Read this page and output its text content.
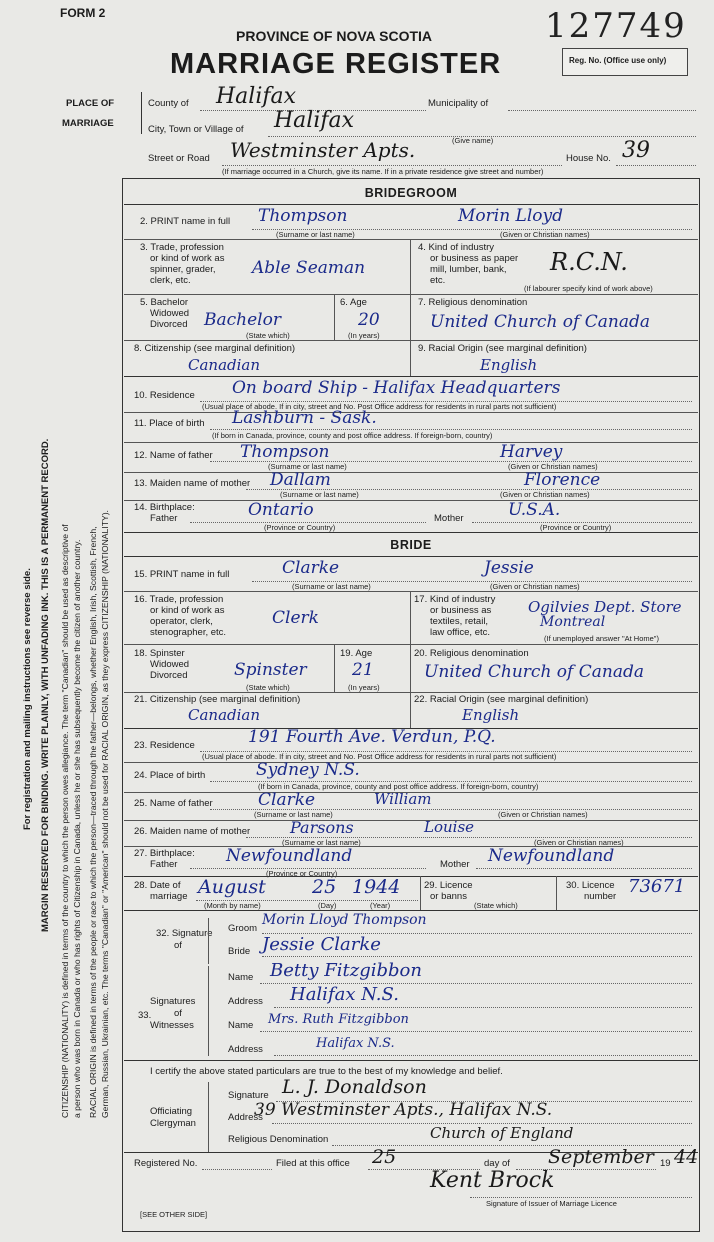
FORM 2
PROVINCE OF NOVA SCOTIA
MARRIAGE REGISTER	Reg. No. (Office use only)
127749
PLACE OF
MARRIAGE
County of Halifax	Municipality of
City, Town or Village of Halifax
(Give name)
Street or Road Westminster Apts.	House No. 39
(If marriage occurred in a Church, give its name. If in a private residence give street and number)
For registration and mailing instructions see reverse side. MARGIN RESERVED FOR BINDING. WRITE PLAINLY, WITH UNFADING INK. THIS IS A PERMANENT RECORD. CITIZENSHIP (NATIONALITY) is defined in terms of the country to which the person owes allegiance. The term "Canadian" should be used as descriptive of a person who was born in Canada or who has rights of Citizenship in Canada, unless he or she has subsequently become the citizen of another country. RACIAL ORIGIN is defined in terms of the people or race to which the person—traced through the father—belongs, whether English, Irish, Scottish, French, German, Russian, Ukrainian, etc. The terms "Canadian" or "American" should not be used for RACIAL ORIGIN, as they express CITIZENSHIP (NATIONALITY).
BRIDEGROOM
2. PRINT name in full Thompson	Morin Lloyd
(Surname or last name)	(Given or Christian names)
3. Trade, profession
or kind of work as
spinner, grader,
clerk, etc.
Able Seaman
4. Kind of industry
or business as paper
mill, lumber, bank,
etc.
R.C.N.
(If labourer specify kind of work above)
5. Bachelor
Widowed
Divorced Bachelor
(State which)
6. Age
20
(In years)
7. Religious denomination
United Church of Canada
8. Citizenship (see marginal definition)
Canadian
9. Racial Origin (see marginal definition)
English
10. Residence On board Ship - Halifax Headquarters
(Usual place of abode. If in city, street and No. Post Office address for residents in rural parts not sufficient)
11. Place of birth Lashburn - Sask.
(If born in Canada, province, county and post office address. If foreign-born, country)
12. Name of father Thompson	Harvey
(Surname or last name)	(Given or Christian names)
13. Maiden name of mother Dallam	Florence
(Surname or last name)	(Given or Christian names)
14. Birthplace:
Father	Ontario
(Province or Country)
Mother	U.S.A.
(Province or Country)
BRIDE
15. PRINT name in full	Clarke	Jessie
(Surname or last name)	(Given or Christian names)
16. Trade, profession
or kind of work as
operator, clerk,
stenographer, etc.
Clerk
17. Kind of industry
or business as
textiles, retail,
law office, etc.
Ogilvies Dept. Store
Montreal
(If unemployed answer "At Home")
18. Spinster
Widowed
Divorced	Spinster
(State which)
19. Age
21
(In years)
20. Religious denomination
United Church of Canada
21. Citizenship (see marginal definition)
Canadian
22. Racial Origin (see marginal definition)
English
23. Residence	191 Fourth Ave. Verdun, P.Q.
(Usual place of abode. If in city, street and No. Post Office address for residents in rural parts not sufficient)
24. Place of birth	Sydney N.S.
(If born in Canada, province, county and post office address. If foreign-born, country)
25. Name of father	Clarke	William
(Surname or last name)	(Given or Christian names)
26. Maiden name of mother Parsons	Louise
(Surname or last name)	(Given or Christian names)
27. Birthplace:
Father	Newfoundland
(Province or Country)
Mother Newfoundland
28. Date of
marriage August 25 1944
(Month by name)	(Day)	(Year)
29. Licence
or banns
(State which)
30. Licence
number 73671
32. Signature
of
Groom
Morin Lloyd Thompson
Bride Jessie Clarke
33.
Signatures
of
Witnesses
Name Betty Fitzgibbon
Address Halifax N.S.
Name Mrs. Ruth Fitzgibbon
Address	Halifax N.S.
I certify the above stated particulars are true to the best of my knowledge and belief.
Officiating
Clergyman
Signature L. J. Donaldson
Address
39 Westminster Apts., Halifax N.S.
Religious Denomination	Church of England
Registered No.	Filed at this office 25	day of September 19 44
Kent Brock
Signature of Issuer of Marriage Licence
[SEE OTHER SIDE]
